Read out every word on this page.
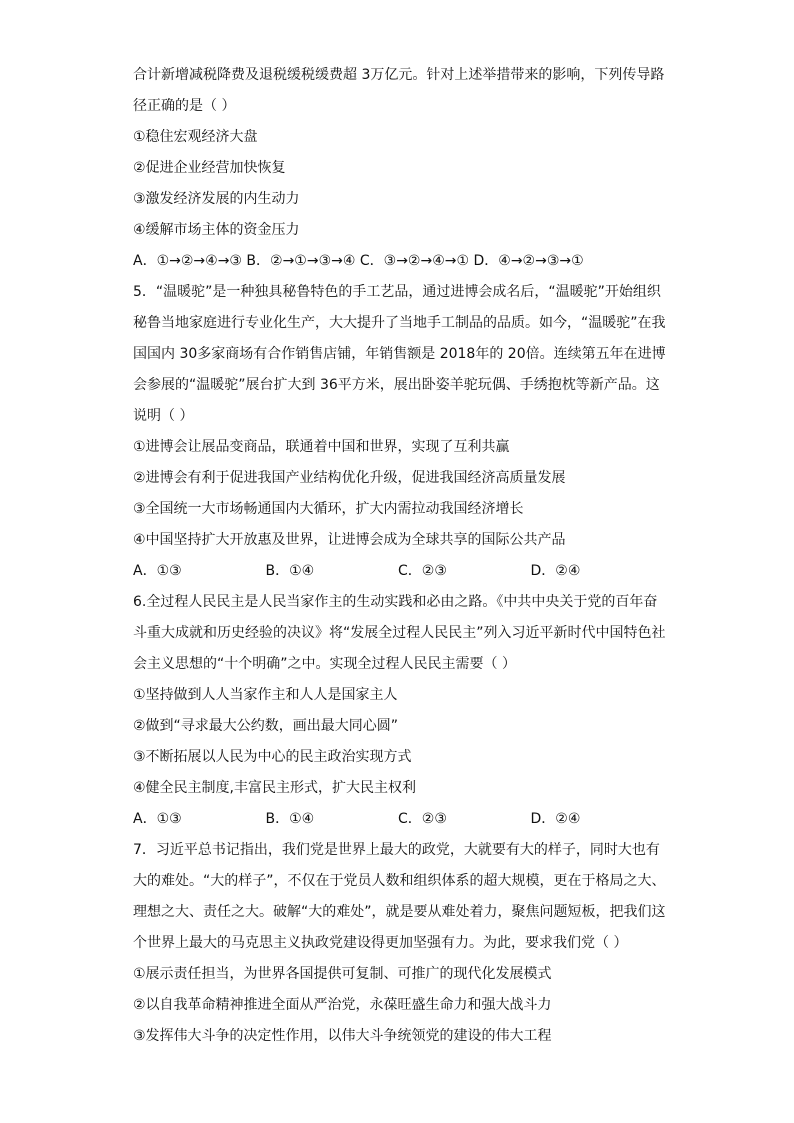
合计新增减税降费及退税缓税缓费超 3万亿元。针对上述举措带来的影响，下列传导路
径正确的是（ ）
①稳住宏观经济大盘
②促进企业经营加快恢复
③激发经济发展的内生动力
④缓解市场主体的资金压力
A．①→②→④→③ B．②→①→③→④ C．③→②→④→① D．④→②→③→①
5．“温暖驼”是一种独具秘鲁特色的手工艺品，通过进博会成名后，“温暖驼”开始组织
秘鲁当地家庭进行专业化生产，大大提升了当地手工制品的品质。如今，“温暖驼”在我
国国内 30多家商场有合作销售店铺，年销售额是 2018年的 20倍。连续第五年在进博
会参展的“温暖驼”展台扩大到 36平方米，展出卧姿羊驼玩偶、手绣抱枕等新产品。这
说明（ ）
①进博会让展品变商品，联通着中国和世界，实现了互利共赢
②进博会有利于促进我国产业结构优化升级，促进我国经济高质量发展
③全国统一大市场畅通国内大循环，扩大内需拉动我国经济增长
④中国坚持扩大开放惠及世界，让进博会成为全球共享的国际公共产品
A．①③	B．①④	C．②③	D．②④
6.全过程人民民主是人民当家作主的生动实践和必由之路。《中共中央关于党的百年奋
斗重大成就和历史经验的决议》将“发展全过程人民民主”列入习近平新时代中国特色社
会主义思想的“十个明确”之中。实现全过程人民民主需要（ ）
①坚持做到人人当家作主和人人是国家主人
②做到“寻求最大公约数，画出最大同心圆”
③不断拓展以人民为中心的民主政治实现方式
④健全民主制度,丰富民主形式，扩大民主权利
A．①③	B．①④	C．②③	D．②④
7．习近平总书记指出，我们党是世界上最大的政党，大就要有大的样子，同时大也有
大的难处。“大的样子”，不仅在于党员人数和组织体系的超大规模，更在于格局之大、
理想之大、责任之大。破解“大的难处”，就是要从难处着力，聚焦问题短板，把我们这
个世界上最大的马克思主义执政党建设得更加坚强有力。为此，要求我们党（ ）
①展示责任担当，为世界各国提供可复制、可推广的现代化发展模式
②以自我革命精神推进全面从严治党，永葆旺盛生命力和强大战斗力
③发挥伟大斗争的决定性作用，以伟大斗争统领党的建设的伟大工程
